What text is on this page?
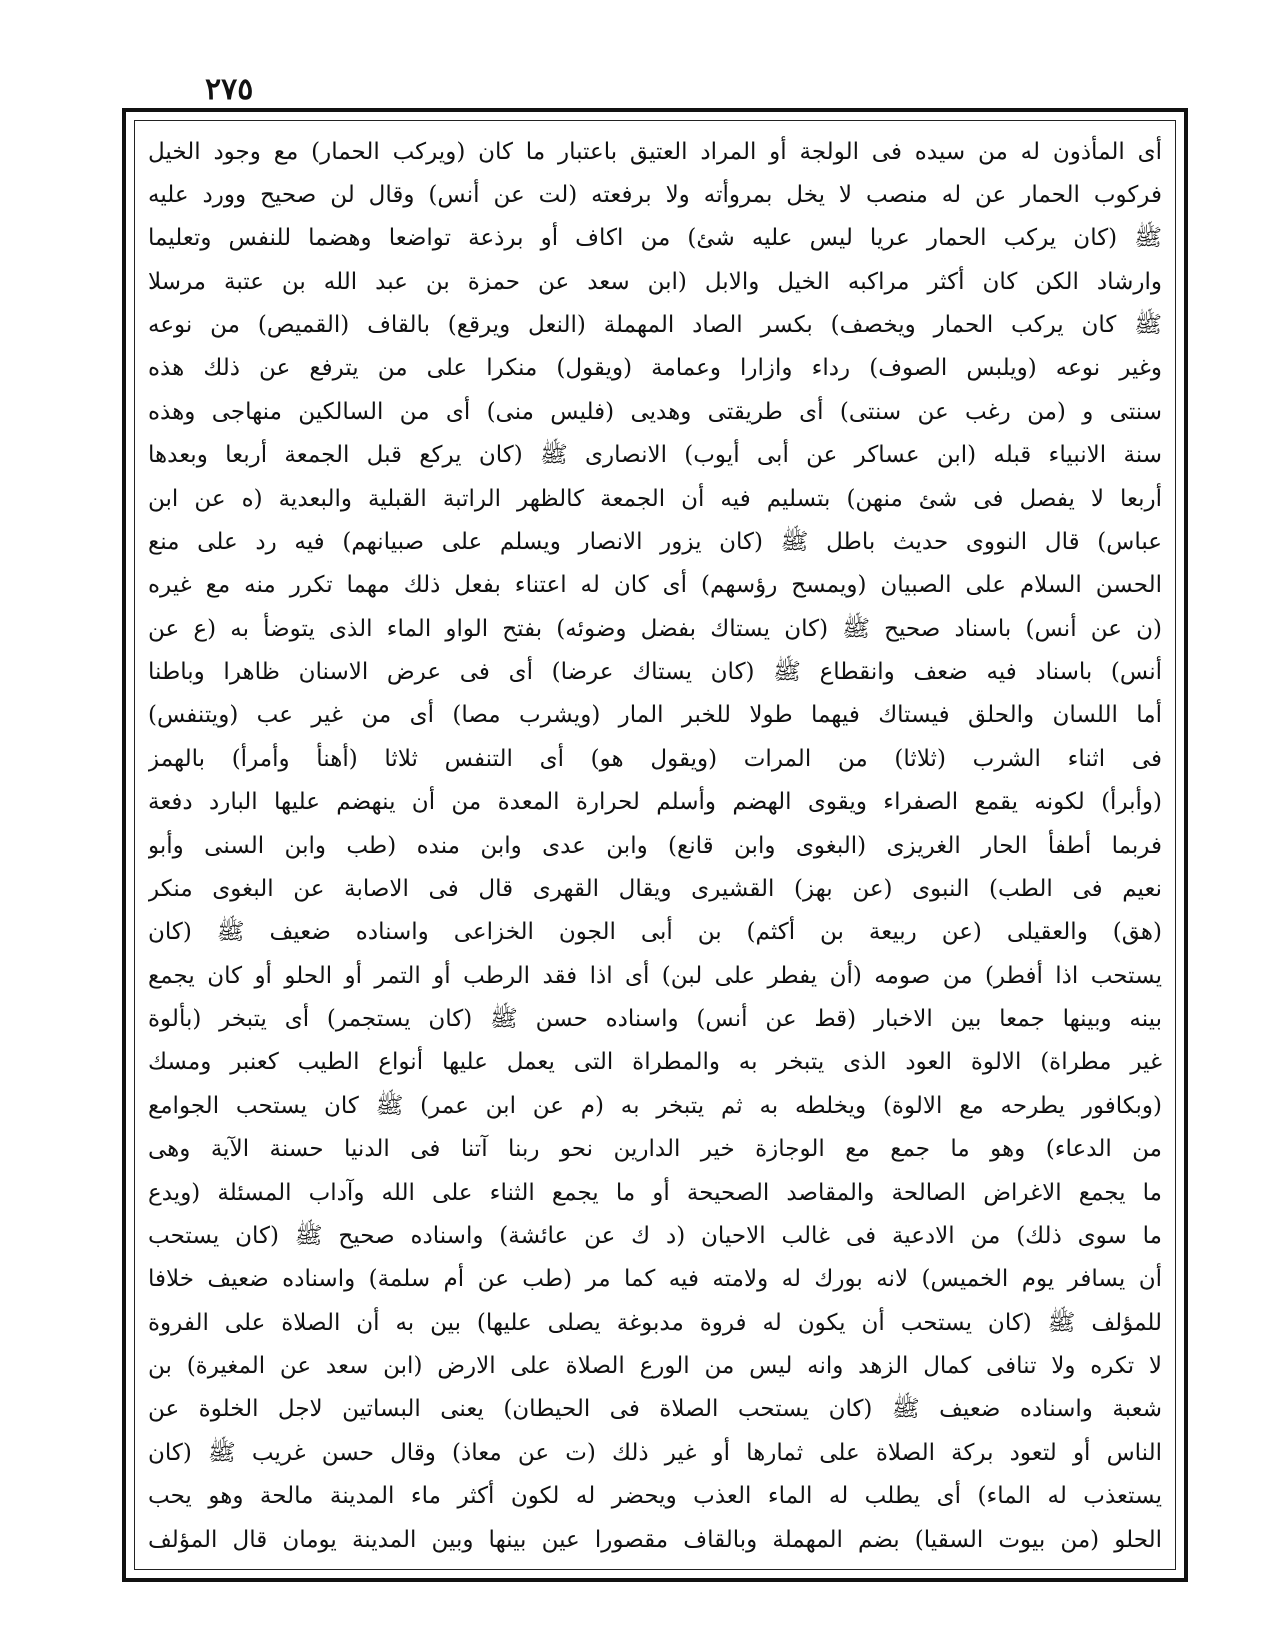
٢٧٥
أى المأذون له من سيده فى الولجة أو المراد العتيق باعتبار ما كان (ويركب الحمار) مع وجود الخيل
فركوب الحمار عن له منصب لا يخل بمروأته ولا برفعته (لت عن أنس) وقال لن صحيح وورد عليه
ﷺ (كان يركب الحمار عريا ليس عليه شئ) من اكاف أو برذعة تواضعا وهضما للنفس وتعليما
وارشاد الكن كان أكثر مراكبه الخيل والابل (ابن سعد عن حمزة بن عبد الله بن عتبة مرسلا
ﷺ كان يركب الحمار ويخصف) بكسر الصاد المهملة (النعل ويرقع) بالقاف (القميص) من نوعه
وغير نوعه (ويلبس الصوف) رداء وازارا وعمامة (ويقول) منكرا على من يترفع عن ذلك هذه
سنتى و (من رغب عن سنتى) أى طريقتى وهديى (فليس منى) أى من السالكين منهاجى وهذه
سنة الانبياء قبله (ابن عساكر عن أبى أيوب) الانصارى ﷺ (كان يركع قبل الجمعة أربعا وبعدها
أربعا لا يفصل فى شئ منهن) بتسليم فيه أن الجمعة كالظهر الراتبة القبلية والبعدية (ه عن ابن
عباس) قال النووى حديث باطل ﷺ (كان يزور الانصار ويسلم على صبيانهم) فيه رد على منع
الحسن السلام على الصبيان (ويمسح رؤسهم) أى كان له اعتناء بفعل ذلك مهما تكرر منه مع غيره
(ن عن أنس) باسناد صحيح ﷺ (كان يستاك بفضل وضوئه) بفتح الواو الماء الذى يتوضأ به (ع عن
أنس) باسناد فيه ضعف وانقطاع ﷺ (كان يستاك عرضا) أى فى عرض الاسنان ظاهرا وباطنا
أما اللسان والحلق فيستاك فيهما طولا للخبر المار (ويشرب مصا) أى من غير عب (ويتنفس)
فى اثناء الشرب (ثلاثا) من المرات (ويقول هو) أى التنفس ثلاثا (أهنأ وأمرأ) بالهمز
(وأبرأ) لكونه يقمع الصفراء ويقوى الهضم وأسلم لحرارة المعدة من أن ينهضم عليها البارد دفعة
فربما أطفأ الحار الغريزى (البغوى وابن قانع) وابن عدى وابن منده (طب وابن السنى وأبو
نعيم فى الطب) النبوى (عن بهز) القشيرى ويقال القهرى قال فى الاصابة عن البغوى منكر
(هق) والعقيلى (عن ربيعة بن أكثم) بن أبى الجون الخزاعى واسناده ضعيف ﷺ (كان
يستحب اذا أفطر) من صومه (أن يفطر على لبن) أى اذا فقد الرطب أو التمر أو الحلو أو كان يجمع
بينه وبينها جمعا بين الاخبار (قط عن أنس) واسناده حسن ﷺ (كان يستجمر) أى يتبخر (بألوة
غير مطراة) الالوة العود الذى يتبخر به والمطراة التى يعمل عليها أنواع الطيب كعنبر ومسك
(وبكافور يطرحه مع الالوة) ويخلطه به ثم يتبخر به (م عن ابن عمر) ﷺ كان يستحب الجوامع
من الدعاء) وهو ما جمع مع الوجازة خير الدارين نحو ربنا آتنا فى الدنيا حسنة الآية وهى
ما يجمع الاغراض الصالحة والمقاصد الصحيحة أو ما يجمع الثناء على الله وآداب المسئلة (ويدع
ما سوى ذلك) من الادعية فى غالب الاحيان (د ك عن عائشة) واسناده صحيح ﷺ (كان يستحب
أن يسافر يوم الخميس) لانه بورك له ولامته فيه كما مر (طب عن أم سلمة) واسناده ضعيف خلافا
للمؤلف ﷺ (كان يستحب أن يكون له فروة مدبوغة يصلى عليها) بين به أن الصلاة على الفروة
لا تكره ولا تنافى كمال الزهد وانه ليس من الورع الصلاة على الارض (ابن سعد عن المغيرة) بن
شعبة واسناده ضعيف ﷺ (كان يستحب الصلاة فى الحيطان) يعنى البساتين لاجل الخلوة عن
الناس أو لتعود بركة الصلاة على ثمارها أو غير ذلك (ت عن معاذ) وقال حسن غريب ﷺ (كان
يستعذب له الماء) أى يطلب له الماء العذب ويحضر له لكون أكثر ماء المدينة مالحة وهو يحب
الحلو (من بيوت السقيا) بضم المهملة وبالقاف مقصورا عين بينها وبين المدينة يومان قال المؤلف
